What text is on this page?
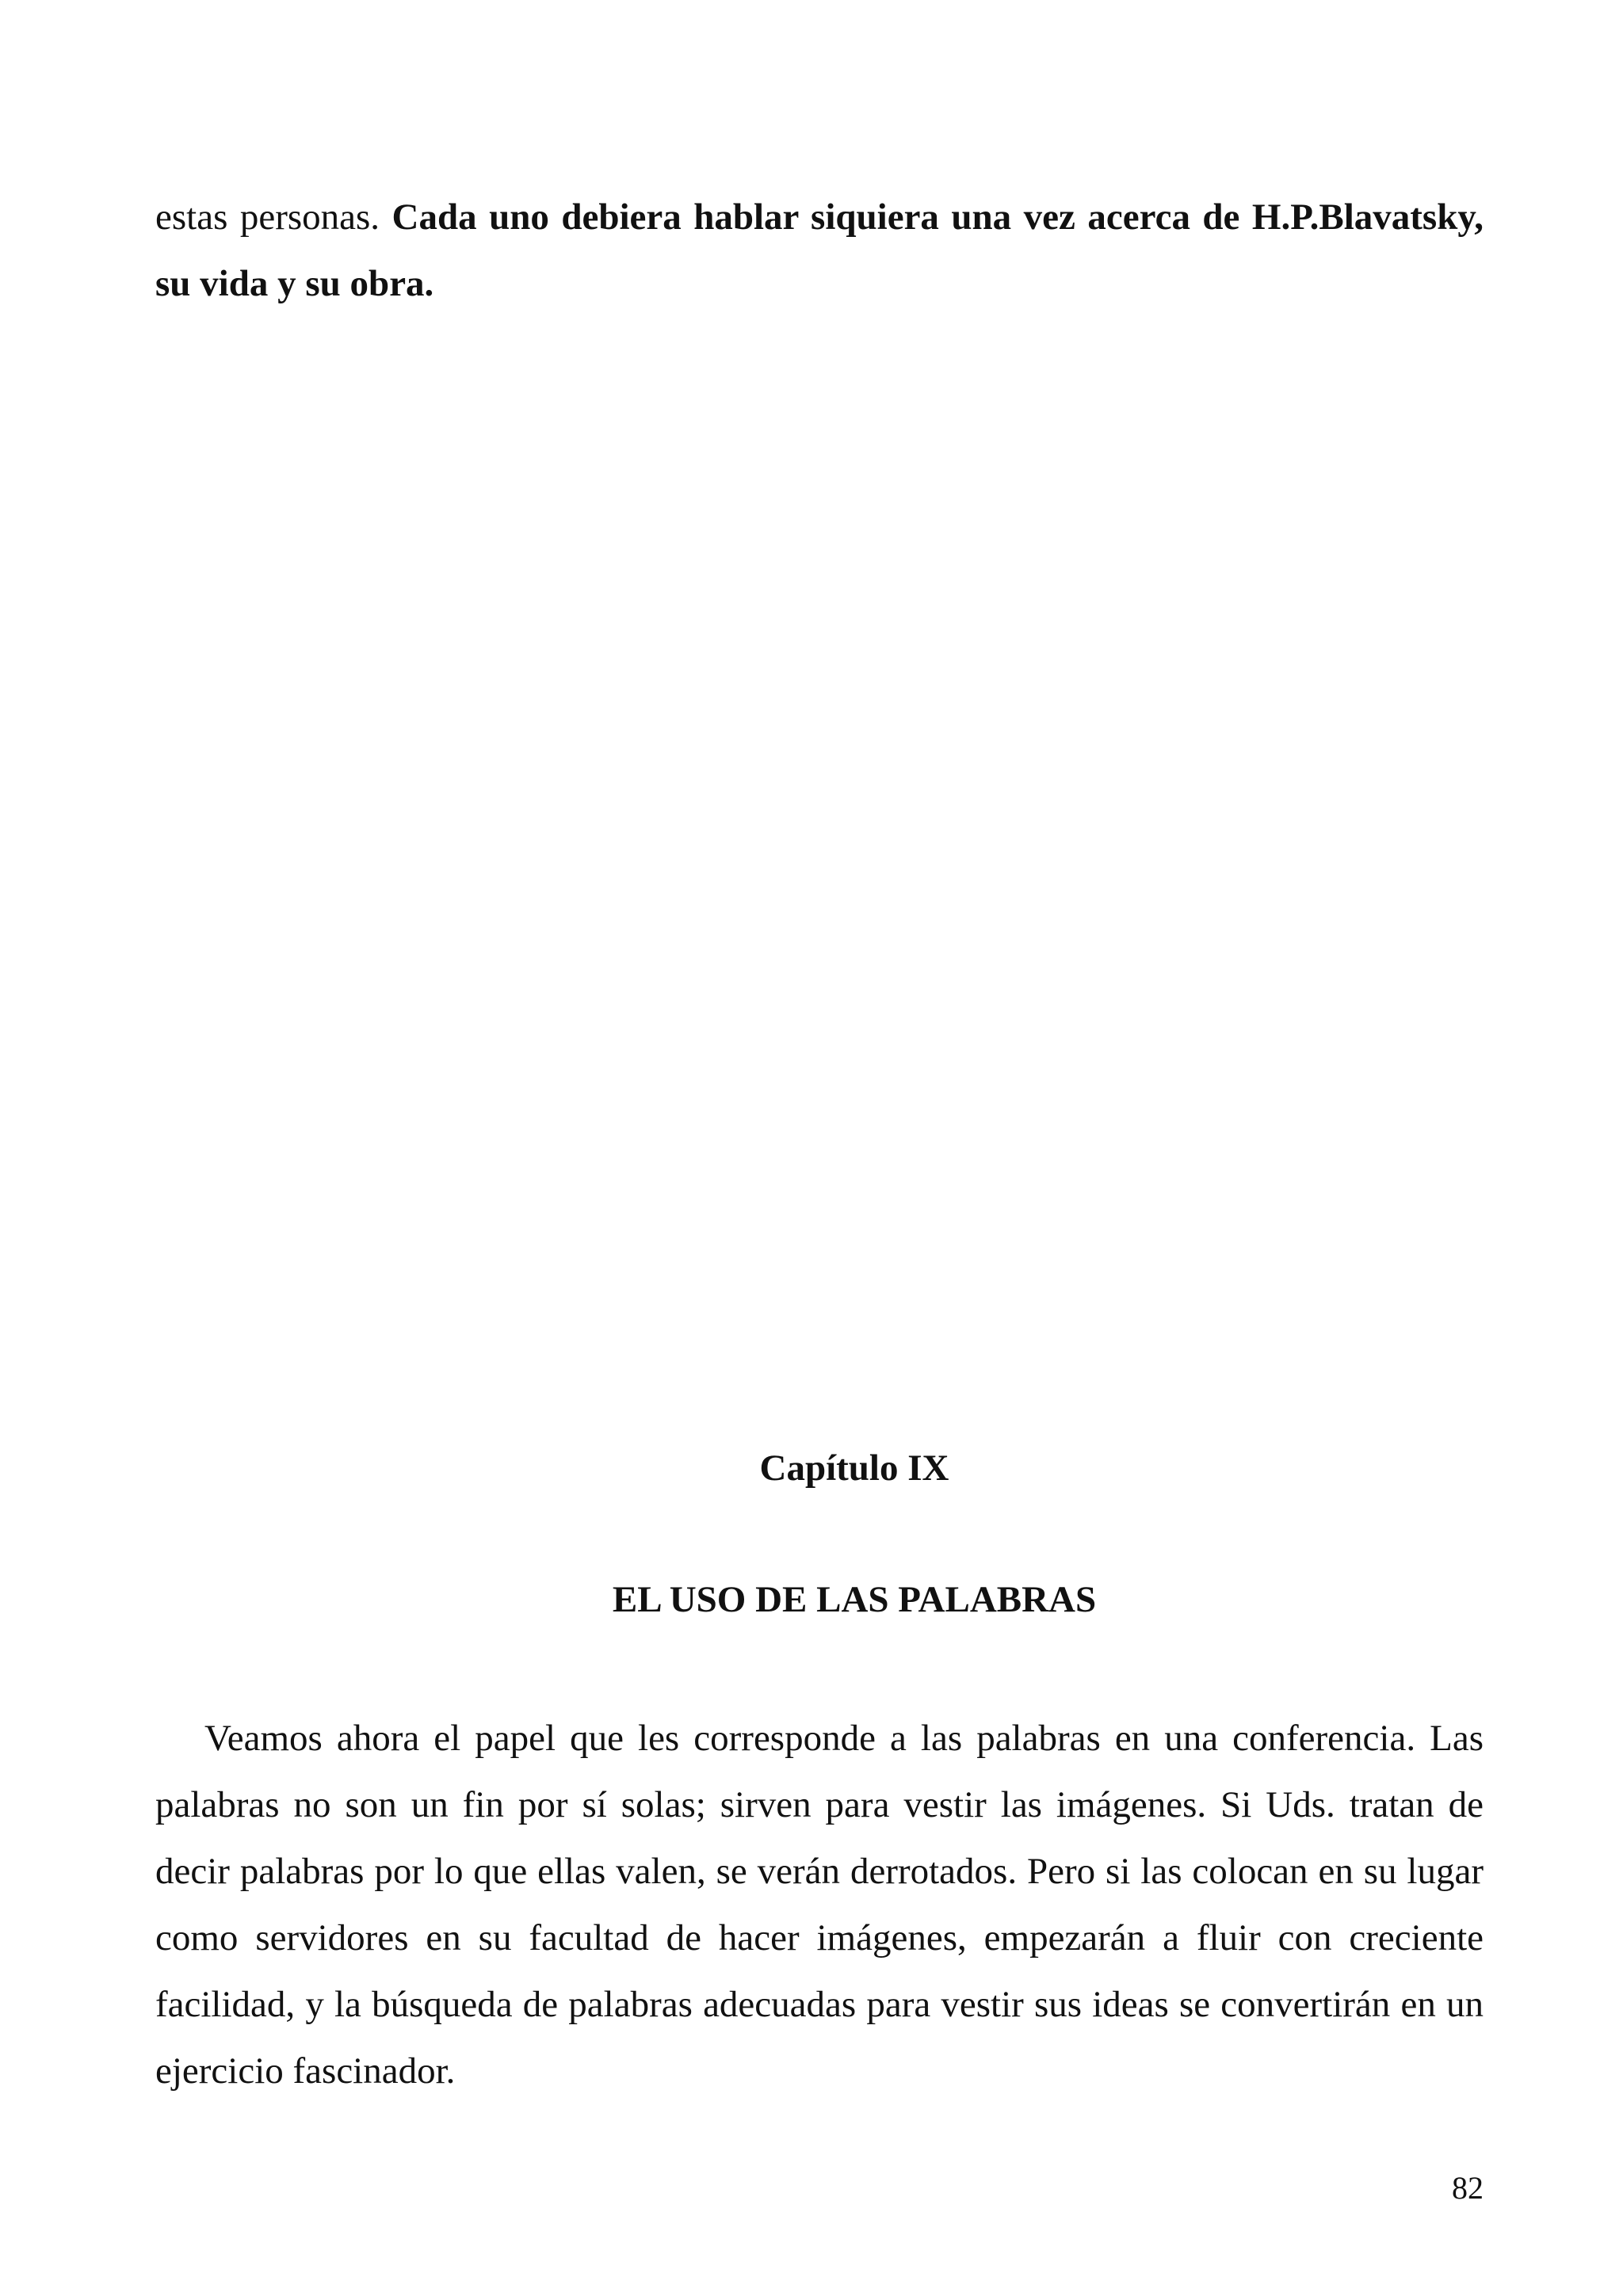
estas personas. Cada uno debiera hablar siquiera una vez acerca de H.P.Blavatsky, su vida y su obra.

Capítulo IX
EL USO DE LAS PALABRAS

Veamos ahora el papel que les corresponde a las palabras en una conferencia. Las palabras no son un fin por sí solas; sirven para vestir las imágenes. Si Uds. tratan de decir palabras por lo que ellas valen, se verán derrotados. Pero si las colocan en su lugar como servidores en su facultad de hacer imágenes, empezarán a fluir con creciente facilidad, y la búsqueda de palabras adecuadas para vestir sus ideas se convertirán en un ejercicio fascinador.

82
